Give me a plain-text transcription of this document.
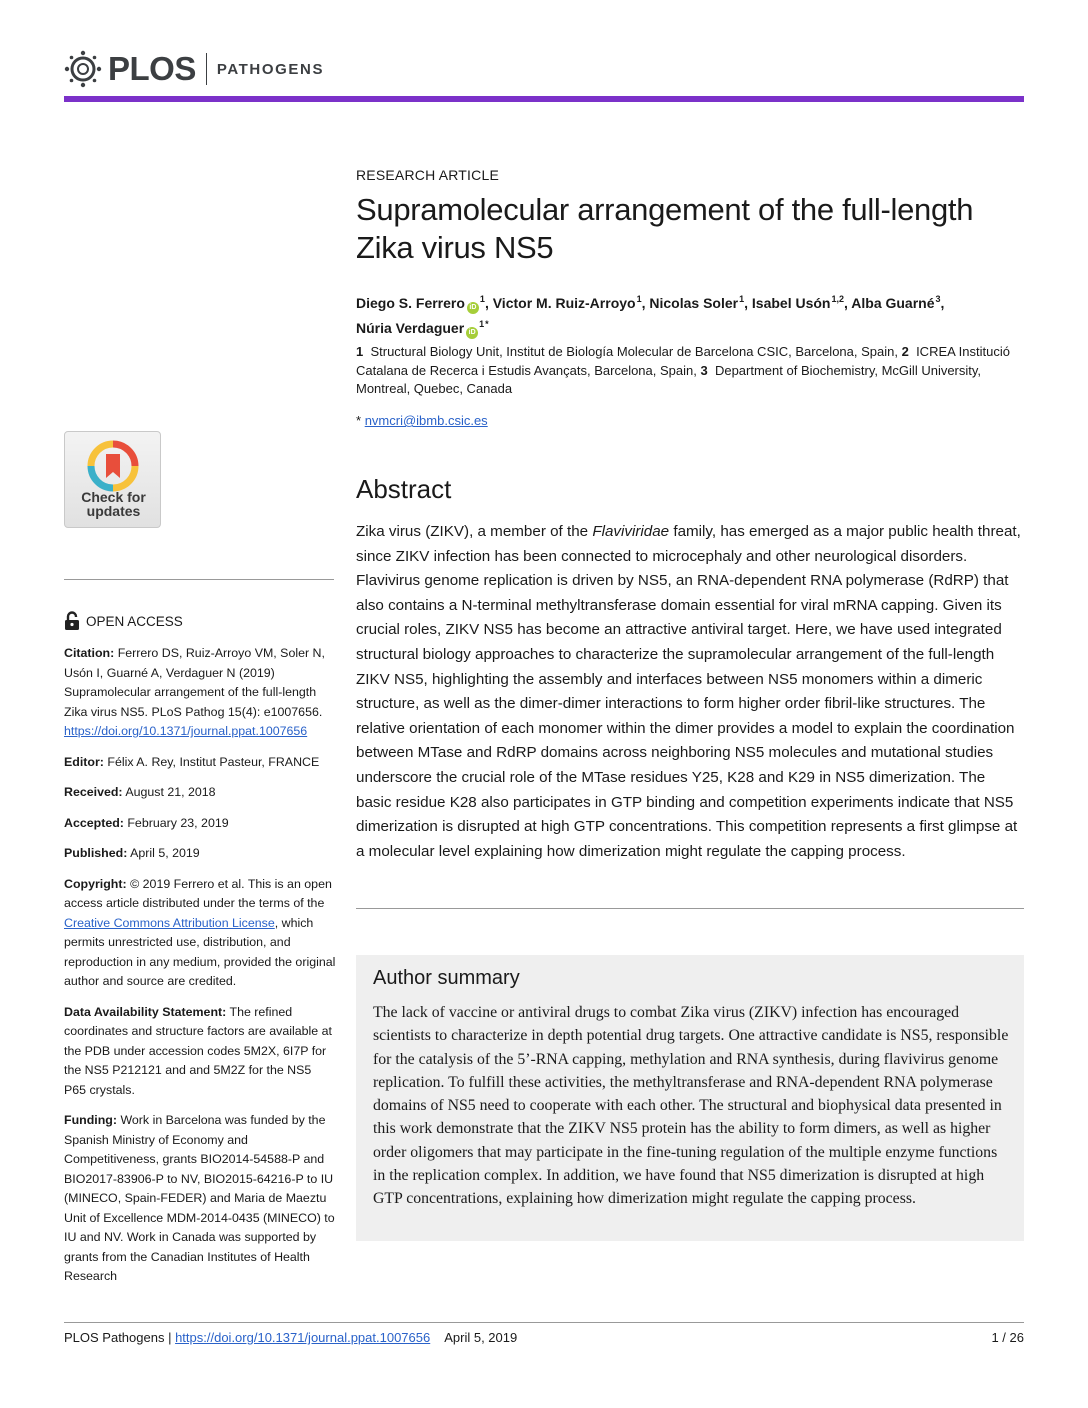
PLOS PATHOGENS
RESEARCH ARTICLE
Supramolecular arrangement of the full-length Zika virus NS5
Diego S. Ferrero $iD^1$, Victor M. Ruiz-Arroyo$^1$, Nicolas Soler$^1$, Isabel Usón$^{1,2}$, Alba Guarné$^3$,
Núria Verdaguer $iD^{1*}$
1 Structural Biology Unit, Institut de Biología Molecular de Barcelona CSIC, Barcelona, Spain, 2 ICREA Institució Catalana de Recerca i Estudis Avançats, Barcelona, Spain, 3 Department of Biochemistry, McGill University, Montreal, Quebec, Canada
* nvmcri@ibmb.csic.es
Abstract
Zika virus (ZIKV), a member of the Flaviviridae family, has emerged as a major public health threat, since ZIKV infection has been connected to microcephaly and other neurological disorders. Flavivirus genome replication is driven by NS5, an RNA-dependent RNA polymerase (RdRP) that also contains a N-terminal methyltransferase domain essential for viral mRNA capping. Given its crucial roles, ZIKV NS5 has become an attractive antiviral target. Here, we have used integrated structural biology approaches to characterize the supramolecular arrangement of the full-length ZIKV NS5, highlighting the assembly and interfaces between NS5 monomers within a dimeric structure, as well as the dimer-dimer interactions to form higher order fibril-like structures. The relative orientation of each monomer within the dimer provides a model to explain the coordination between MTase and RdRP domains across neighboring NS5 molecules and mutational studies underscore the crucial role of the MTase residues Y25, K28 and K29 in NS5 dimerization. The basic residue K28 also participates in GTP binding and competition experiments indicate that NS5 dimerization is disrupted at high GTP concentrations. This competition represents a first glimpse at a molecular level explaining how dimerization might regulate the capping process.
Author summary
The lack of vaccine or antiviral drugs to combat Zika virus (ZIKV) infection has encouraged scientists to characterize in depth potential drug targets. One attractive candidate is NS5, responsible for the catalysis of the 5’-RNA capping, methylation and RNA synthesis, during flavivirus genome replication. To fulfill these activities, the methyltransferase and RNA-dependent RNA polymerase domains of NS5 need to cooperate with each other. The structural and biophysical data presented in this work demonstrate that the ZIKV NS5 protein has the ability to form dimers, as well as higher order oligomers that may participate in the fine-tuning regulation of the multiple enzyme functions in the replication complex. In addition, we have found that NS5 dimerization is disrupted at high GTP concentrations, explaining how dimerization might regulate the capping process.
Check for updates
OPEN ACCESS

Citation: Ferrero DS, Ruiz-Arroyo VM, Soler N, Usón I, Guarné A, Verdaguer N (2019) Supramolecular arrangement of the full-length Zika virus NS5. PLoS Pathog 15(4): e1007656. https://doi.org/10.1371/journal.ppat.1007656

Editor: Félix A. Rey, Institut Pasteur, FRANCE

Received: August 21, 2018

Accepted: February 23, 2019

Published: April 5, 2019

Copyright: © 2019 Ferrero et al. This is an open access article distributed under the terms of the Creative Commons Attribution License, which permits unrestricted use, distribution, and reproduction in any medium, provided the original author and source are credited.

Data Availability Statement: The refined coordinates and structure factors are available at the PDB under accession codes 5M2X, 6I7P for the NS5 P212121 and and 5M2Z for the NS5 P65 crystals.

Funding: Work in Barcelona was funded by the Spanish Ministry of Economy and Competitiveness, grants BIO2014-54588-P and BIO2017-83906-P to NV, BIO2015-64216-P to IU (MINECO, Spain-FEDER) and Maria de Maeztu Unit of Excellence MDM-2014-0435 (MINECO) to IU and NV. Work in Canada was supported by grants from the Canadian Institutes of Health Research

PLOS Pathogens | https://doi.org/10.1371/journal.ppat.1007656 April 5, 2019	1 / 26
